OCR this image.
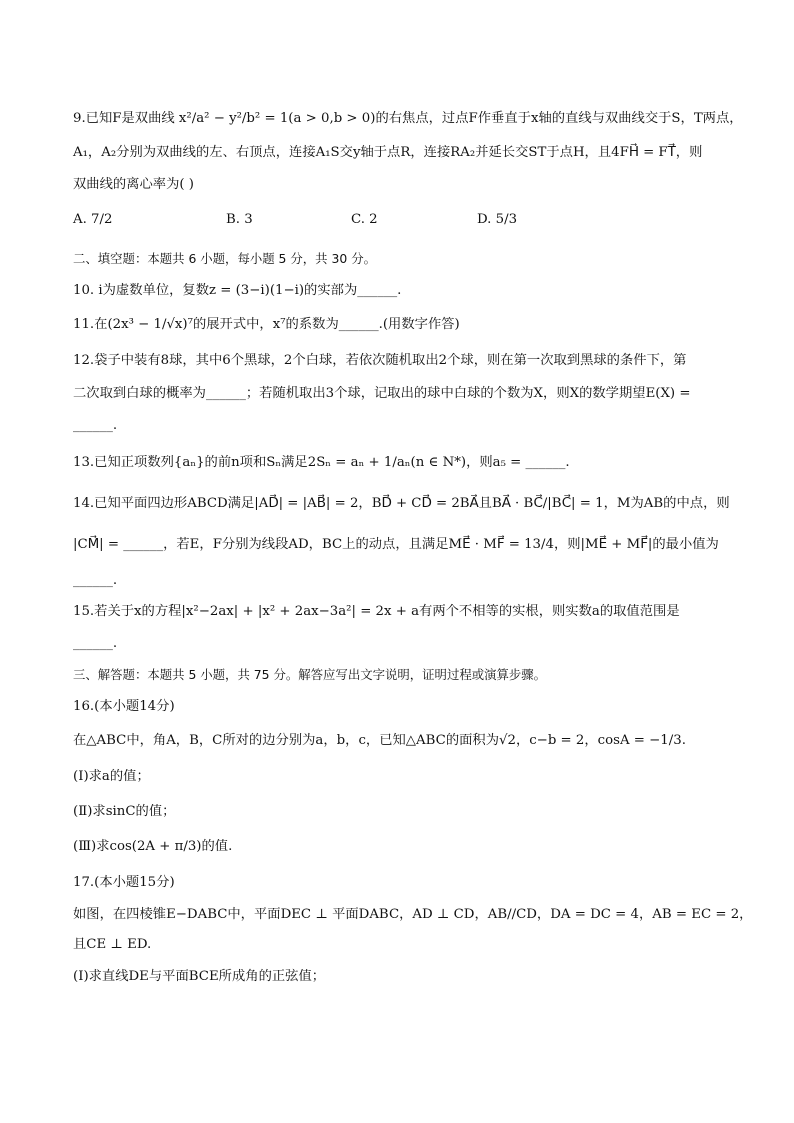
9.已知F是双曲线 x²/a² − y²/b² = 1(a > 0,b > 0)的右焦点，过点F作垂直于x轴的直线与双曲线交于S，T两点，
A₁，A₂分别为双曲线的左、右顶点，连接A₁S交y轴于点R，连接RA₂并延长交ST于点H，且4FH⃗ = FT⃗，则
双曲线的离心率为( )
A. 7/2	B. 3	C. 2	D. 5/3
二、填空题：本题共 6 小题，每小题 5 分，共 30 分。
10. i为虚数单位，复数z = (3−i)(1−i)的实部为______.
11.在(2x³ − 1/√x)⁷的展开式中，x⁷的系数为______.(用数字作答)
12.袋子中装有8球，其中6个黑球，2个白球，若依次随机取出2个球，则在第一次取到黑球的条件下，第
二次取到白球的概率为______；若随机取出3个球，记取出的球中白球的个数为X，则X的数学期望E(X) =
______.
13.已知正项数列{aₙ}的前n项和Sₙ满足2Sₙ = aₙ + 1/aₙ(n ∈ N*)，则a₅ = ______.
14.已知平面四边形ABCD满足|AD⃗| = |AB⃗| = 2，BD⃗ + CD⃗ = 2BA⃗且BA⃗ · BC⃗/|BC⃗| = 1，M为AB的中点，则
|CM⃗| = ______，若E，F分别为线段AD，BC上的动点，且满足ME⃗ · MF⃗ = 13/4，则|ME⃗ + MF⃗|的最小值为
______.
15.若关于x的方程|x²−2ax| + |x² + 2ax−3a²| = 2x + a有两个不相等的实根，则实数a的取值范围是
______.
三、解答题：本题共 5 小题，共 75 分。解答应写出文字说明，证明过程或演算步骤。
16.(本小题14分)
在△ABC中，角A，B，C所对的边分别为a，b，c，已知△ABC的面积为√2，c−b = 2，cosA = −1/3.
(Ⅰ)求a的值；
(Ⅱ)求sinC的值；
(Ⅲ)求cos(2A + π/3)的值.
17.(本小题15分)
如图，在四棱锥E−DABC中，平面DEC ⊥ 平面DABC，AD ⊥ CD，AB//CD，DA = DC = 4，AB = EC = 2，
且CE ⊥ ED.
(Ⅰ)求直线DE与平面BCE所成角的正弦值；
